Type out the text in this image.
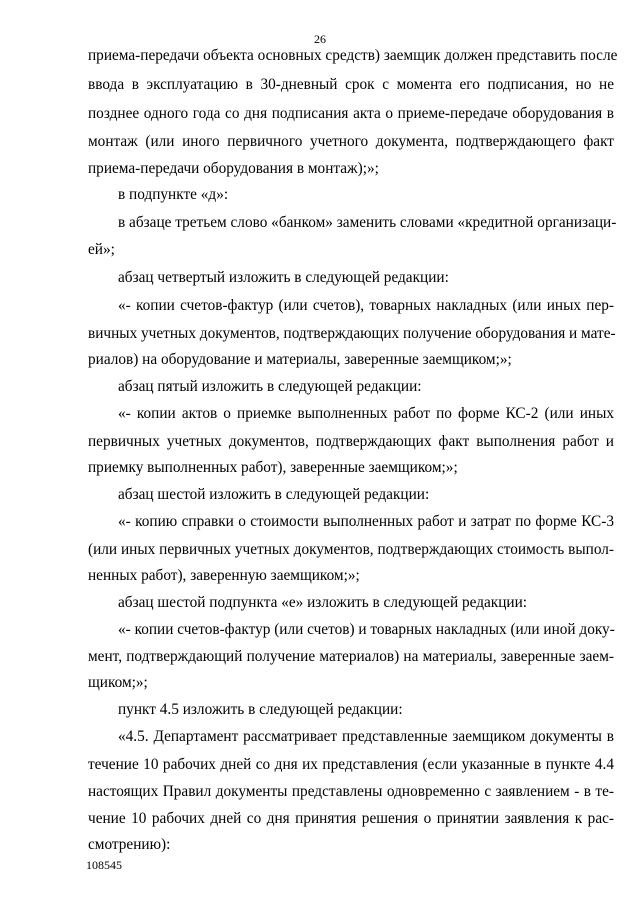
26
приема-передачи объекта основных средств) заемщик должен представить после
ввода в эксплуатацию в 30-дневный срок с момента его подписания, но не
позднее одного года со дня подписания акта о приеме-передаче оборудования в
монтаж (или иного первичного учетного документа, подтверждающего факт
приема-передачи оборудования в монтаж);»;
в подпункте «д»:
в абзаце третьем слово «банком» заменить словами «кредитной организаци-
ей»;
абзац четвертый изложить в следующей редакции:
«- копии счетов-фактур (или счетов), товарных накладных (или иных пер-
вичных учетных документов, подтверждающих получение оборудования и мате-
риалов) на оборудование и материалы, заверенные заемщиком;»;
абзац пятый изложить в следующей редакции:
«- копии актов о приемке выполненных работ по форме КС-2 (или иных
первичных учетных документов, подтверждающих факт выполнения работ и
приемку выполненных работ), заверенные заемщиком;»;
абзац шестой изложить в следующей редакции:
«- копию справки о стоимости выполненных работ и затрат по форме КС-3
(или иных первичных учетных документов, подтверждающих стоимость выпол-
ненных работ), заверенную заемщиком;»;
абзац шестой подпункта «е» изложить в следующей редакции:
«- копии счетов-фактур (или счетов) и товарных накладных (или иной доку-
мент, подтверждающий получение материалов) на материалы, заверенные заем-
щиком;»;
пункт 4.5 изложить в следующей редакции:
«4.5. Департамент рассматривает представленные заемщиком документы в
течение 10 рабочих дней со дня их представления (если указанные в пункте 4.4
настоящих Правил документы представлены одновременно с заявлением - в те-
чение 10 рабочих дней со дня принятия решения о принятии заявления к рас-
смотрению):
108545
